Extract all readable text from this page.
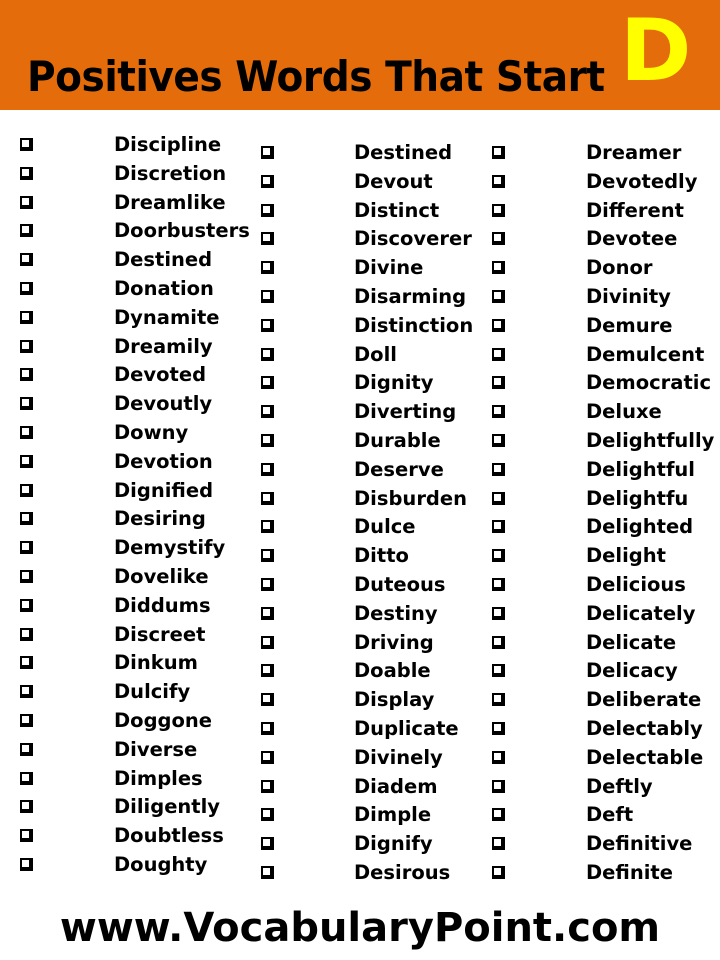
Positives Words That Start D
Discipline
Discretion
Dreamlike
Doorbusters
Destined
Donation
Dynamite
Dreamily
Devoted
Devoutly
Downy
Devotion
Dignified
Desiring
Demystify
Dovelike
Diddums
Discreet
Dinkum
Dulcify
Doggone
Diverse
Dimples
Diligently
Doubtless
Doughty
Destined
Devout
Distinct
Discoverer
Divine
Disarming
Distinction
Doll
Dignity
Diverting
Durable
Deserve
Disburden
Dulce
Ditto
Duteous
Destiny
Driving
Doable
Display
Duplicate
Divinely
Diadem
Dimple
Dignify
Desirous
Dreamer
Devotedly
Different
Devotee
Donor
Divinity
Demure
Demulcent
Democratic
Deluxe
Delightfully
Delightful
Delightfu
Delighted
Delight
Delicious
Delicately
Delicate
Delicacy
Deliberate
Delectably
Delectable
Deftly
Deft
Definitive
Definite
www.VocabularyPoint.com
